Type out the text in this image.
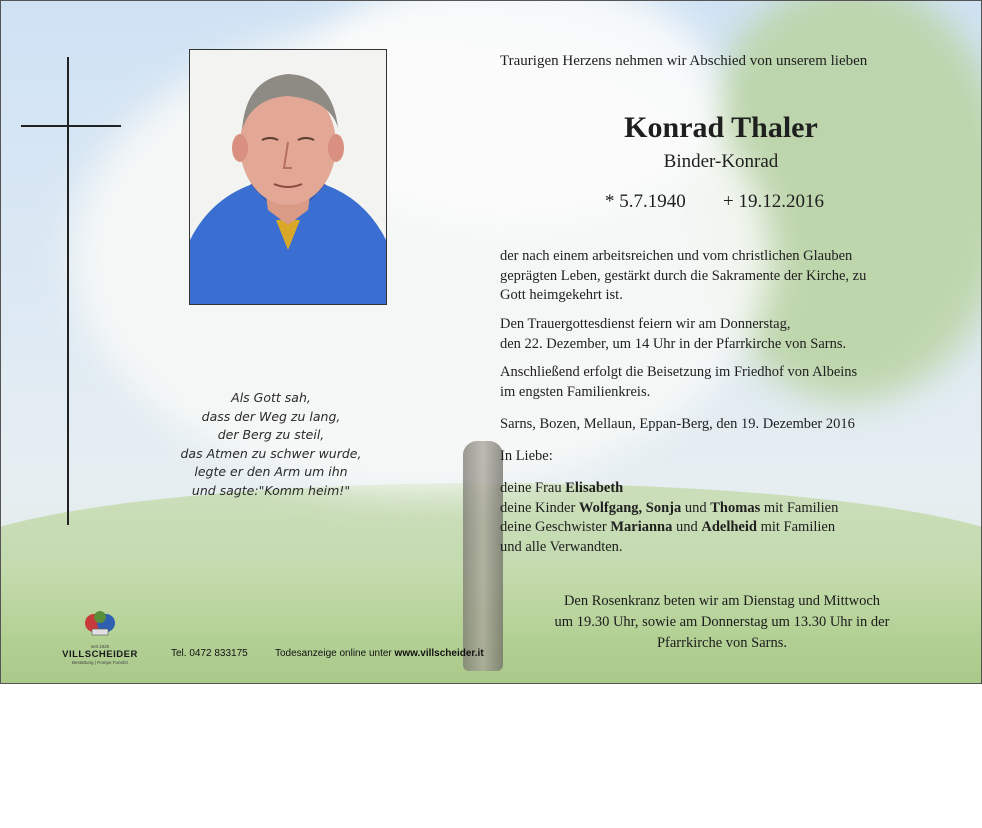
Als Gott sah,
dass der Weg zu lang,
der Berg zu steil,
das Atmen zu schwer wurde,
legte er den Arm um ihn
und sagte:"Komm heim!"
Traurigen Herzens nehmen wir Abschied von unserem lieben
Konrad Thaler
Binder-Konrad
* 5.7.1940 + 19.12.2016
der nach einem arbeitsreichen und vom christlichen Glauben
geprägten Leben, gestärkt durch die Sakramente der Kirche, zu
Gott heimgekehrt ist.
Den Trauergottesdienst feiern wir am Donnerstag,
den 22. Dezember, um 14 Uhr in der Pfarrkirche von Sarns.
Anschließend erfolgt die Beisetzung im Friedhof von Albeins
im engsten Familienkreis.
Sarns, Bozen, Mellaun, Eppan-Berg, den 19. Dezember 2016
In Liebe:
deine Frau Elisabeth
deine Kinder Wolfgang, Sonja und Thomas mit Familien
deine Geschwister Marianna und Adelheid mit Familien
und alle Verwandten.
Den Rosenkranz beten wir am Dienstag und Mittwoch
um 19.30 Uhr, sowie am Donnerstag um 13.30 Uhr in der
Pfarrkirche von Sarns.
seit 1925
VILLSCHEIDER
Bestattung | Pompe Funebri
Tel. 0472 833175	Todesanzeige online unter www.villscheider.it
